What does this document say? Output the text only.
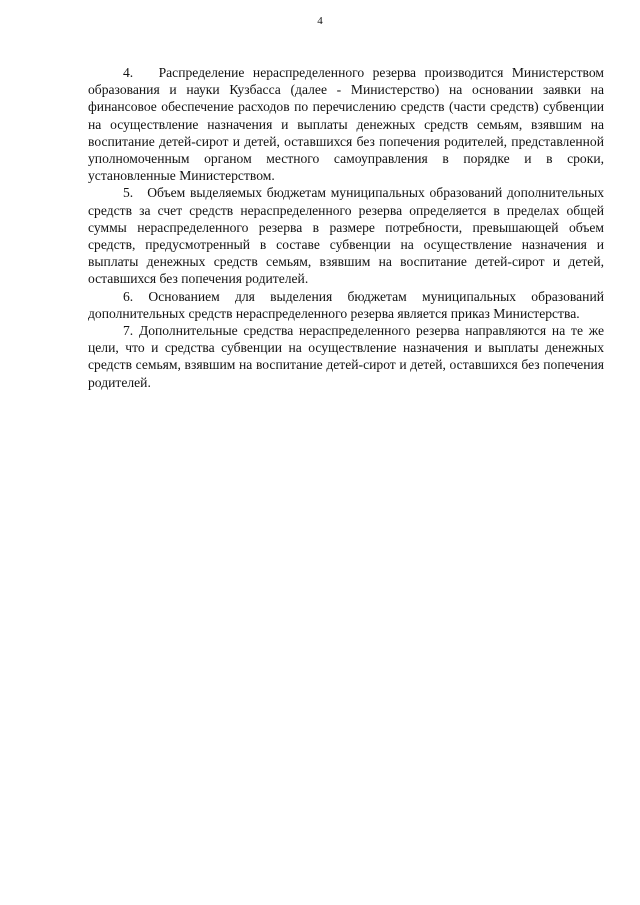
4

4.   Распределение нераспределенного резерва производится Министерством образования и науки Кузбасса (далее - Министерство) на основании заявки на финансовое обеспечение расходов по перечислению средств (части средств) субвенции на осуществление назначения и выплаты денежных средств семьям, взявшим на воспитание детей-сирот и детей, оставшихся без попечения родителей, представленной уполномоченным органом местного самоуправления в порядке и в сроки, установленные Министерством.

5.   Объем выделяемых бюджетам муниципальных образований дополнительных средств за счет средств нераспределенного резерва определяется в пределах общей суммы нераспределенного резерва в размере потребности, превышающей объем средств, предусмотренный в составе субвенции на осуществление назначения и выплаты денежных средств семьям, взявшим на воспитание детей-сирот и детей, оставшихся без попечения родителей.

6. Основанием для выделения бюджетам муниципальных образований дополнительных средств нераспределенного резерва является приказ Министерства.

7. Дополнительные средства нераспределенного резерва направляются на те же цели, что и средства субвенции на осуществление назначения и выплаты денежных средств семьям, взявшим на воспитание детей-сирот и детей, оставшихся без попечения родителей.
